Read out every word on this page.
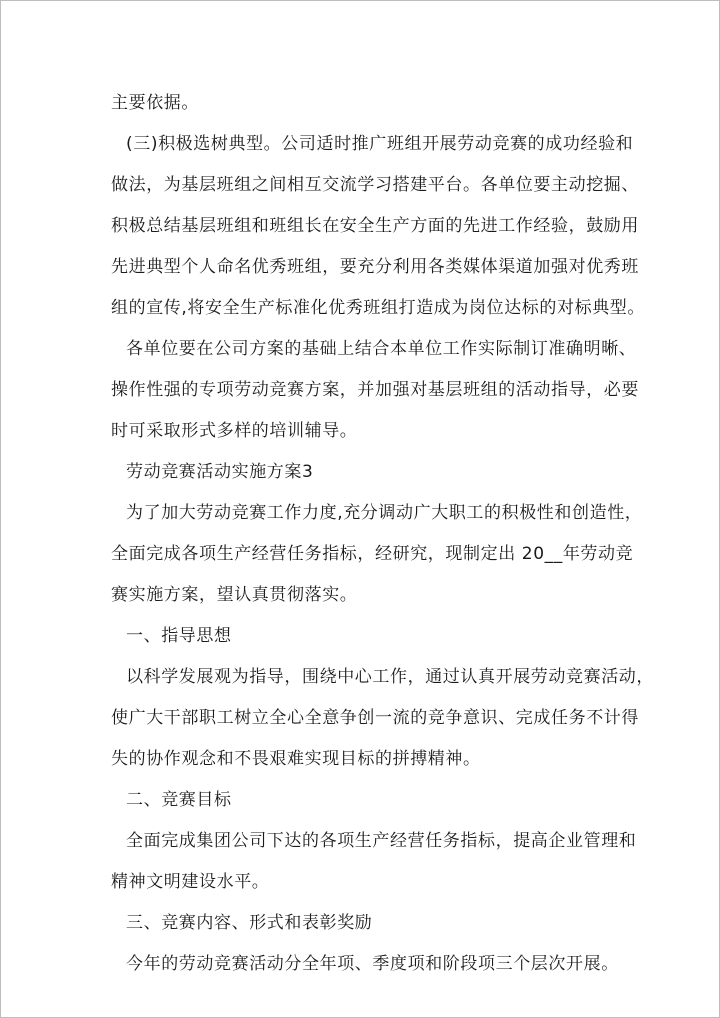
主要依据。
(三)积极选树典型。公司适时推广班组开展劳动竞赛的成功经验和
做法，为基层班组之间相互交流学习搭建平台。各单位要主动挖掘、
积极总结基层班组和班组长在安全生产方面的先进工作经验，鼓励用
先进典型个人命名优秀班组，要充分利用各类媒体渠道加强对优秀班
组的宣传,将安全生产标准化优秀班组打造成为岗位达标的对标典型。
各单位要在公司方案的基础上结合本单位工作实际制订准确明晰、
操作性强的专项劳动竞赛方案，并加强对基层班组的活动指导，必要
时可采取形式多样的培训辅导。
劳动竞赛活动实施方案3
为了加大劳动竞赛工作力度,充分调动广大职工的积极性和创造性，
全面完成各项生产经营任务指标，经研究，现制定出 20__年劳动竞
赛实施方案，望认真贯彻落实。
一、指导思想
以科学发展观为指导，围绕中心工作，通过认真开展劳动竞赛活动，
使广大干部职工树立全心全意争创一流的竞争意识、完成任务不计得
失的协作观念和不畏艰难实现目标的拼搏精神。
二、竞赛目标
全面完成集团公司下达的各项生产经营任务指标，提高企业管理和
精神文明建设水平。
三、竞赛内容、形式和表彰奖励
今年的劳动竞赛活动分全年项、季度项和阶段项三个层次开展。
